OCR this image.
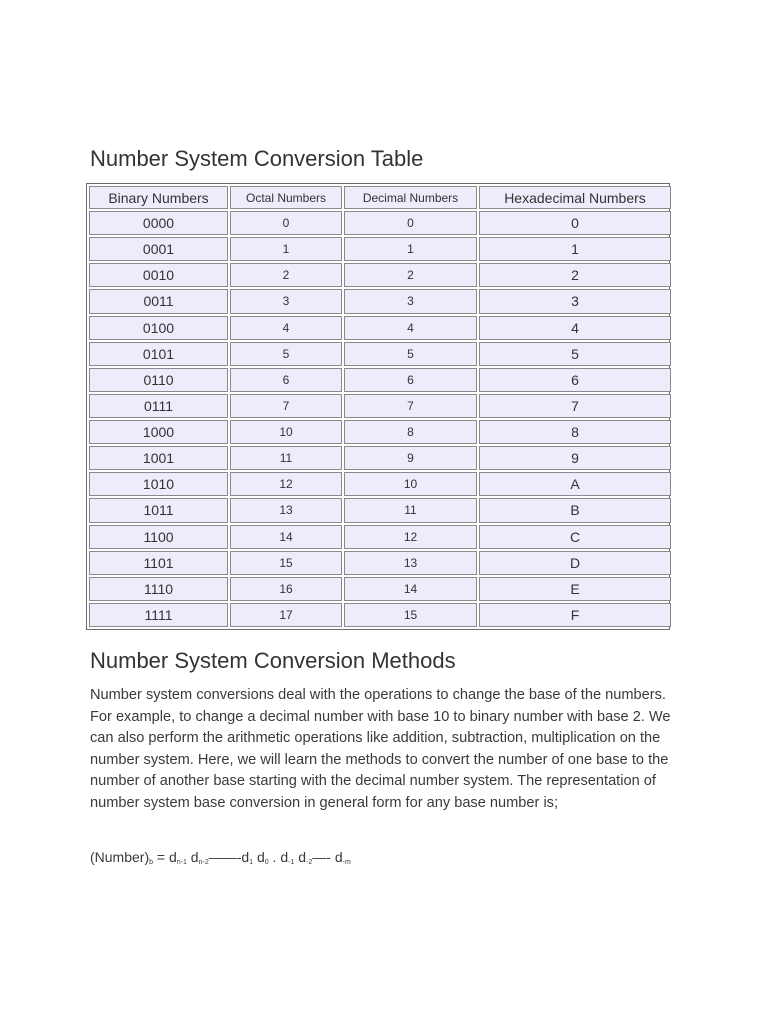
Number System Conversion Table
Binary Numbers	Octal Numbers	Decimal Numbers	Hexadecimal Numbers
0000	0	0	0
0001	1	1	1
0010	2	2	2
0011	3	3	3
0100	4	4	4
0101	5	5	5
0110	6	6	6
0111	7	7	7
1000	10	8	8
1001	11	9	9
1010	12	10	A
1011	13	11	B
1100	14	12	C
1101	15	13	D
1110	16	14	E
1111	17	15	F
Number System Conversion Methods

Number system conversions deal with the operations to change the base of the numbers. For example, to change a decimal number with base 10 to binary number with base 2. We can also perform the arithmetic operations like addition, subtraction, multiplication on the number system. Here, we will learn the methods to convert the number of one base to the number of another base starting with the decimal number system. The representation of number system base conversion in general form for any base number is;

$(Number)_b = d_{n-1}$ $d_{n-2}——-d_1$ $d_0$ . $d_{-1}$ $d_{-2}—-$ $d_{-m}$
